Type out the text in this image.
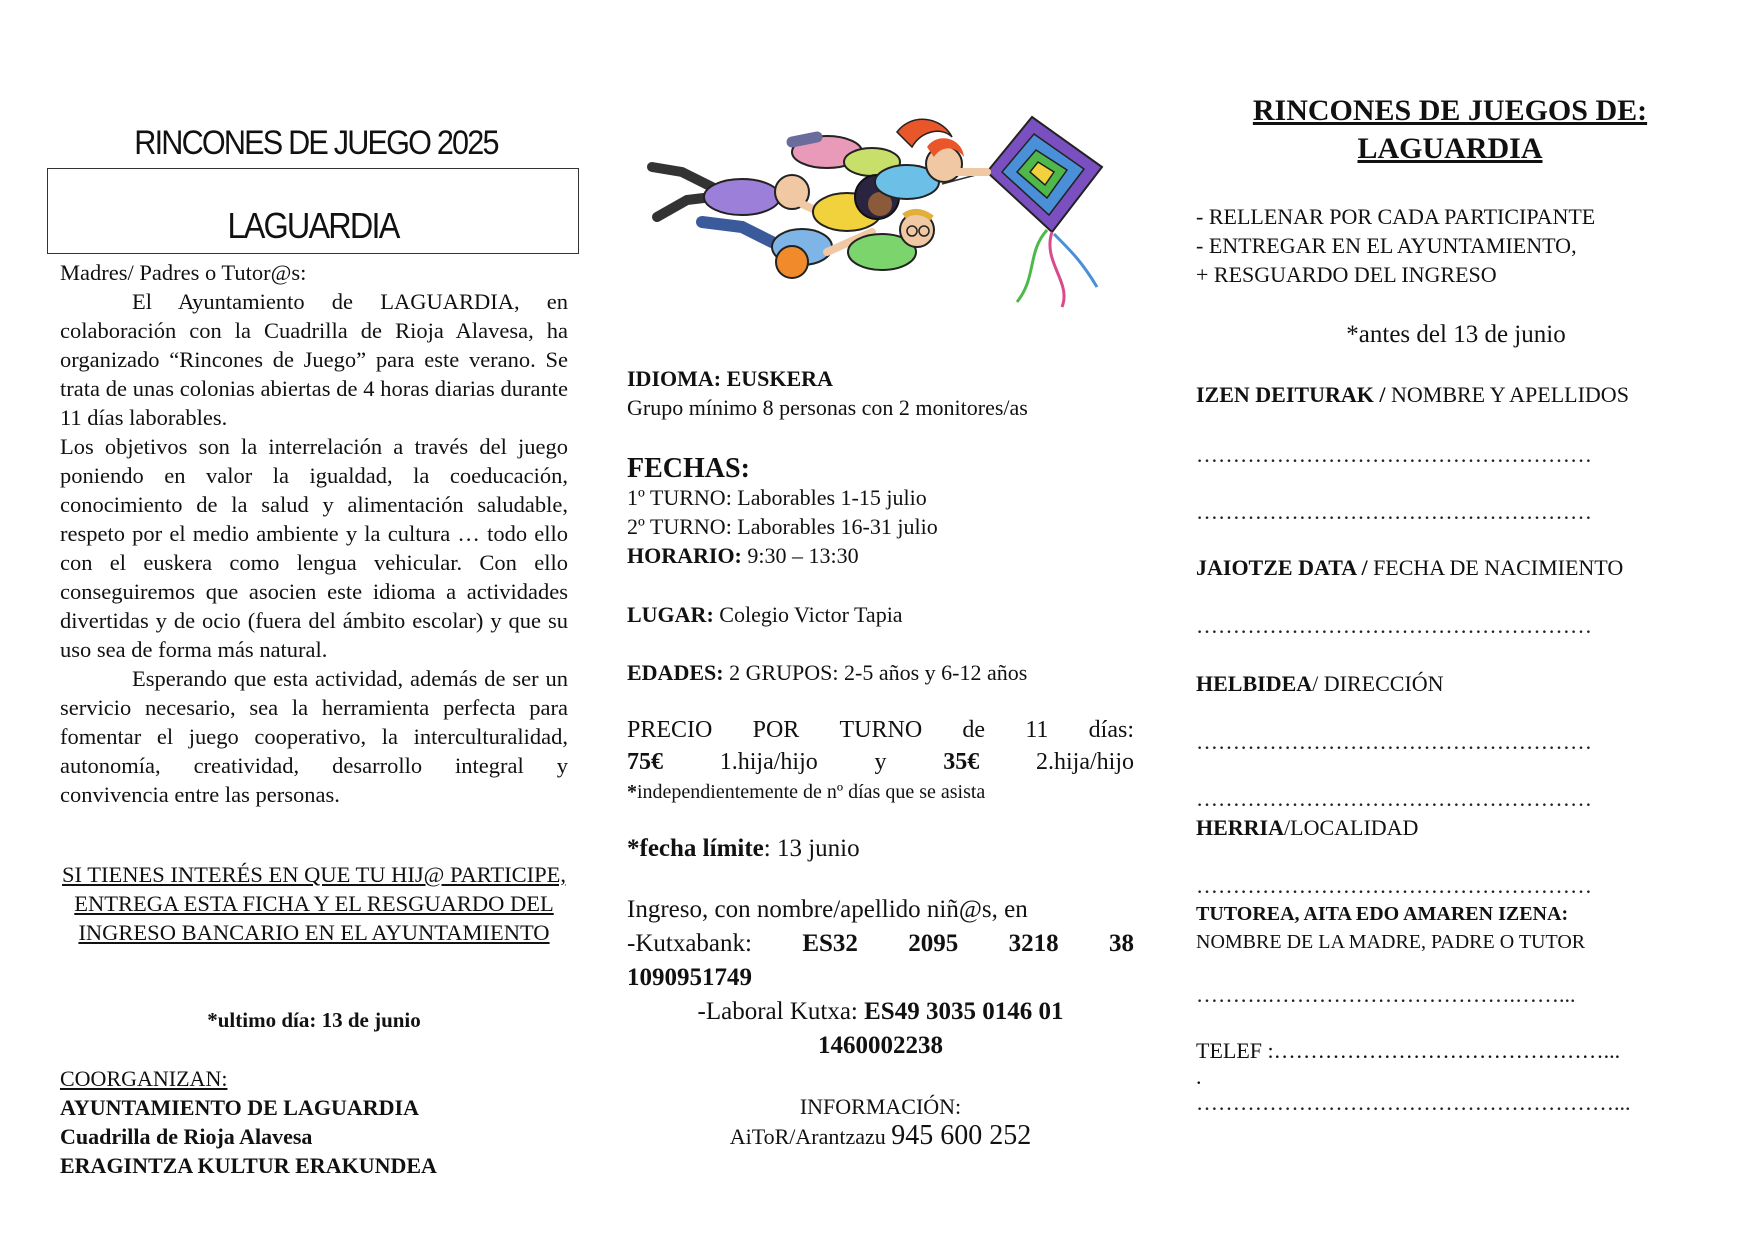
RINCONES DE JUEGO 2025
LAGUARDIA

Madres/ Padres o Tutor@s:

El Ayuntamiento de LAGUARDIA, en colaboración con la Cuadrilla de Rioja Alavesa, ha organizado “Rincones de Juego” para este verano. Se trata de unas colonias abiertas de 4 horas diarias durante 11 días laborables.

Los objetivos son la interrelación a través del juego poniendo en valor la igualdad, la coeducación, conocimiento de la salud y alimentación saludable, respeto por el medio ambiente y la cultura … todo ello con el euskera como lengua vehicular. Con ello conseguiremos que asocien este idioma a actividades divertidas y de ocio (fuera del ámbito escolar) y que su uso sea de forma más natural.

Esperando que esta actividad, además de ser un servicio necesario, sea la herramienta perfecta para fomentar el juego cooperativo, la interculturalidad, autonomía, creatividad, desarrollo integral y convivencia entre las personas.

SI TIENES INTERÉS EN QUE TU HIJ@ PARTICIPE, ENTREGA ESTA FICHA Y EL RESGUARDO DEL INGRESO BANCARIO EN EL AYUNTAMIENTO
*ultimo día: 13 de junio
COORGANIZAN:
AYUNTAMIENTO DE LAGUARDIA
Cuadrilla de Rioja Alavesa
ERAGINTZA KULTUR ERAKUNDEA
IDIOMA: EUSKERA
Grupo mínimo 8 personas con 2 monitores/as
FECHAS:
1º TURNO: Laborables 1-15 julio
2º TURNO: Laborables 16-31 julio
HORARIO: 9:30 – 13:30
LUGAR: Colegio Victor Tapia
EDADES: 2 GRUPOS: 2-5 años y 6-12 años
PRECIO POR TURNO de 11 días:
75€ 1.hija/hijo y 35€ 2.hija/hijo
*independientemente de nº días que se asista
*fecha límite: 13 junio
Ingreso, con nombre/apellido niñ@s, en
-Kutxabank: ES32 2095 3218 38
1090951749
-Laboral Kutxa: ES49 3035 0146 01
1460002238
INFORMACIÓN:
AiToR/Arantzazu 945 600 252
RINCONES DE JUEGOS DE:
LAGUARDIA
- RELLENAR POR CADA PARTICIPANTE
- ENTREGAR EN EL AYUNTAMIENTO,
+ RESGUARDO DEL INGRESO
*antes del 13 de junio
IZEN DEITURAK / NOMBRE Y APELLIDOS
………………………………………………
………………………………………………
JAIOTZE DATA / FECHA DE NACIMIENTO
………………………………………………
HELBIDEA/ DIRECCIÓN
………………………………………………
………………………………………………
HERRIA/LOCALIDAD
………………………………………………
TUTOREA, AITA EDO AMAREN IZENA:
NOMBRE DE LA MADRE, PADRE O TUTOR
……….…………………………….……...
TELEF :………………………………………...
.
…………………………………………………...
